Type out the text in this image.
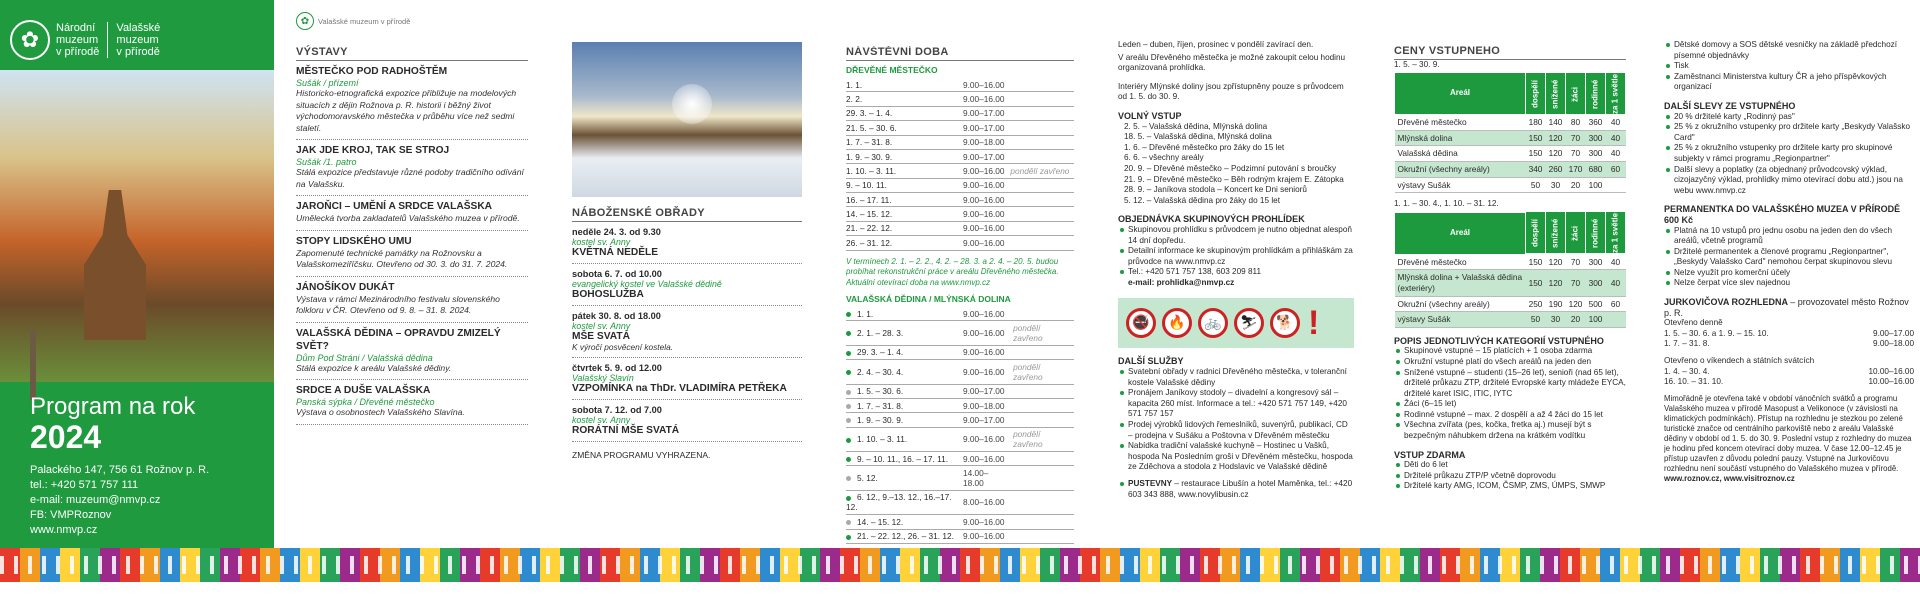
✿	Národní
muzeum
v přírodě
Valašské
muzeum
v přírodě
Program na rok
2024
Palackého 147, 756 61 Rožnov p. R.
tel.: +420 571 757 111
e-mail: muzeum@nmvp.cz
FB: VMPRoznov
www.nmvp.cz
✿	Valašské muzeum v přírodě
VÝSTAVY
MĚSTEČKO POD RADHOŠTĚM
Sušák / přízemí
Historicko-etnografická expozice přibližuje na modelových situacích z dějin Rožnova p. R. historii i běžný život východomoravského městečka v průběhu více než sedmi staletí.
JAK JDE KROJ, TAK SE STROJ
Sušák /1. patro
Stálá expozice představuje různé podoby tradičního odívání na Valašsku.
JAROŇCI – UMĚNÍ A SRDCE VALAŠSKA
Umělecká tvorba zakladatelů Valašského muzea v přírodě.
STOPY LIDSKÉHO UMU
Zapomenuté technické památky na Rožnovsku a Valašskomeziříčsku. Otevřeno od 30. 3. do 31. 7. 2024.
JÁNOŠÍKOV DUKÁT
Výstava v rámci Mezinárodního festivalu slovenského folkloru v ČR. Otevřeno od 9. 8. – 31. 8. 2024.
VALAŠSKÁ DĚDINA – OPRAVDU ZMIZELÝ SVĚT?
Dům Pod Stráni / Valašská dědina
Stálá expozice k areálu Valašské dědiny.
SRDCE A DUŠE VALAŠSKA
Panská sýpka / Dřevěné městečko
Výstava o osobnostech Valašského Slavína.
NÁBOŽENSKÉ OBŘADY
neděle 24. 3. od 9.30
kostel sv. Anny
KVĚTNÁ NEDĚLE
sobota 6. 7. od 10.00
evangelický kostel ve Valašské dědině
BOHOSLUŽBA
pátek 30. 8. od 18.00
kostel sv. Anny
MŠE SVATÁ
K výročí posvěcení kostela.
čtvrtek 5. 9. od 12.00
Valašský Slavín
VZPOMÍNKA na ThDr. VLADIMÍRA PETŘEKA
sobota 7. 12. od 7.00
kostel sv. Anny
RORÁTNÍ MŠE SVATÁ
ZMĚNA PROGRAMU VYHRAZENA.
NÁVŠTĚVNÍ DOBA
DŘEVĚNÉ MĚSTEČKO
1. 1.	9.00–16.00	
2. 2.	9.00–16.00	
29. 3. – 1. 4.	9.00–17.00	
21. 5. – 30. 6.	9.00–17.00	
1. 7. – 31. 8.	9.00–18.00	
1. 9. – 30. 9.	9.00–17.00	
1. 10. – 3. 11.	9.00–16.00	pondělí zavřeno
9. – 10. 11.	9.00–16.00	
16. – 17. 11.	9.00–16.00	
14. – 15. 12.	9.00–16.00	
21. – 22. 12.	9.00–16.00	
26. – 31. 12.	9.00–16.00	
V termínech 2. 1. – 2. 2., 4. 2. – 28. 3. a 2. 4. – 20. 5. budou probíhat rekonstrukční práce v areálu Dřevěného městečka. Aktuální otevírací doba na www.nmvp.cz
VALAŠSKÁ DĚDINA / MLÝNSKÁ DOLINA
1. 1.	9.00–16.00	
2. 1. – 28. 3.	9.00–16.00	pondělí zavřeno
29. 3. – 1. 4.	9.00–16.00	
2. 4. – 30. 4.	9.00–16.00	pondělí zavřeno
1. 5. – 30. 6.	9.00–17.00	
1. 7. – 31. 8.	9.00–18.00	
1. 9. – 30. 9.	9.00–17.00	
1. 10. – 3. 11.	9.00–16.00	pondělí zavřeno
9. – 10. 11., 16. – 17. 11.	9.00–16.00	
5. 12.	14.00–18.00	
6. 12., 9.–13. 12., 16.–17. 12.	8.00–16.00	
14. – 15. 12.	9.00–16.00	
21. – 22. 12., 26. – 31. 12.	9.00–16.00	
Leden – duben, říjen, prosinec v pondělí zavírací den.
V areálu Dřevěného městečka je možné zakoupit celou hodinu organizovaná prohlídka.
Interiéry Mlýnské doliny jsou zpřístupněny pouze s průvodcem od 1. 5. do 30. 9.
VOLNÝ VSTUP
2. 5. – Valašská dědina, Mlýnská dolina
18. 5. – Valašská dědina, Mlýnská dolina
1. 6. – Dřevěné městečko pro žáky do 15 let
6. 6. – všechny areály
20. 9. – Dřevěné městečko – Podzimní putování s broučky
21. 9. – Dřevěné městečko – Běh rodným krajem E. Zátopka
28. 9. – Janíkova stodola – Koncert ke Dni seniorů
5. 12. – Valašská dědina pro žáky do 15 let
OBJEDNÁVKA SKUPINOVÝCH PROHLÍDEK
Skupinovou prohlídku s průvodcem je nutno objednat alespoň 14 dní dopředu.
Detailní informace ke skupinovým prohlídkám a přihláškám za průvodce na www.nmvp.cz
Tel.: +420 571 757 138, 603 209 811
e-mail: prohlidka@nmvp.cz
🚭	🔥	🚲	⛷	🐕 !
DALŠÍ SLUŽBY
Svatební obřady v radnici Dřevěného městečka, v toleranční kostele Valašské dědiny
Pronájem Janíkovy stodoly – divadelní a kongresový sál – kapacita 260 míst. Informace a tel.: +420 571 757 149, +420 571 757 157
Prodej výrobků lidových řemeslníků, suvenýrů, publikací, CD – prodejna v Sušáku a Poštovna v Dřevěném městečku
Nabídka tradiční valašské kuchyně – Hostinec u Vašků, hospoda Na Posledním groši v Dřevěném městečku, hospoda ze Zděchova a stodola z Hodslavic ve Valašské dědině
PUSTEVNY – restaurace Libušín a hotel Maměnka, tel.: +420 603 343 888, www.novylibusin.cz
CENY VSTUPNÉHO
1. 5. – 30. 9.
Areál	dospělí	snížené	žáci	rodinné	za 1 světle
Dřevěné městečko	180	140	80	360	40
Mlýnská dolina	150	120	70	300	40
Valašská dědina	150	120	70	300	40
Okružní (všechny areály)	340	260	170	680	60
výstavy Sušák	50	30	20	100	
1. 1. – 30. 4., 1. 10. – 31. 12.
Areál	dospělí	snížené	žáci	rodinné	za 1 světle
Dřevěné městečko	150	120	70	300	40
Mlýnská dolina + Valašská dědina (exteriéry)	150	120	70	300	40
Okružní (všechny areály)	250	190	120	500	60
výstavy Sušák	50	30	20	100	
POPIS JEDNOTLIVÝCH KATEGORIÍ VSTUPNÉHO
Skupinové vstupné – 15 platících + 1 osoba zdarma
Okružní vstupné platí do všech areálů na jeden den
Snížené vstupné – studenti (15–26 let), senioři (nad 65 let), držitelé průkazu ZTP, držitelé Evropské karty mládeže EYCA, držitelé karet ISIC, ITIC, IYTC
Žáci (6–15 let)
Rodinné vstupné – max. 2 dospělí a až 4 žáci do 15 let
Všechna zvířata (pes, kočka, fretka aj.) musejí být s bezpečným náhubkem držena na krátkém vodítku
VSTUP ZDARMA
Děti do 6 let
Držitelé průkazu ZTP/P včetně doprovodu
Držitelé karty AMG, ICOM, ČSMP, ZMS, ÚMPS, SMWP
Dětské domovy a SOS dětské vesničky na základě předchozí písemné objednávky
Tisk
Zaměstnanci Ministerstva kultury ČR a jeho příspěvkových organizací
DALŠÍ SLEVY ZE VSTUPNÉHO
20 % držitelé karty „Rodinný pas"
25 % z okružního vstupenky pro držitele karty „Beskydy Valašsko Card"
25 % z okružního vstupenky pro držitele karty pro skupinové subjekty v rámci programu „Regionpartner"
Další slevy a poplatky (za objednaný průvodcovský výklad, cizojazyčný výklad, prohlídky mimo otevírací dobu atd.) jsou na webu www.nmvp.cz
PERMANENTKA DO VALAŠSKÉHO MUZEA V PŘÍRODĚ 600 Kč
Platná na 10 vstupů pro jednu osobu na jeden den do všech areálů, včetně programů
Držitelé permanentek a členové programu „Regionpartner", „Beskydy Valašsko Card" nemohou čerpat skupinovou slevu
Nelze využít pro komerční účely
Nelze čerpat více slev najednou
JURKOVIČOVA ROZHLEDNA – provozovatel město Rožnov p. R.
Otevřeno denně
1. 5. – 30. 6. a 1. 9. – 15. 10.	9.00–17.00
1. 7. – 31. 8.	9.00–18.00
Otevřeno o víkendech a státních svátcích
1. 4. – 30. 4.	10.00–16.00
16. 10. – 31. 10.	10.00–16.00
Mimořádně je otevřena také v období vánočních svátků a programu Valašského muzea v přírodě Masopust a Velikonoce (v závislosti na klimatických podmínkách). Přístup na rozhlednu je stezkou po zelené turistické značce od centrálního parkoviště nebo z areálu Valašské dědiny v období od 1. 5. do 30. 9. Poslední vstup z rozhledny do muzea je hodinu před koncem otevírací doby muzea. V čase 12.00–12.45 je přístup uzavřen z důvodu polední pauzy. Vstupné na Jurkovičovu rozhlednu není součástí vstupného do Valašského muzea v přírodě. www.roznov.cz, www.visitroznov.cz
